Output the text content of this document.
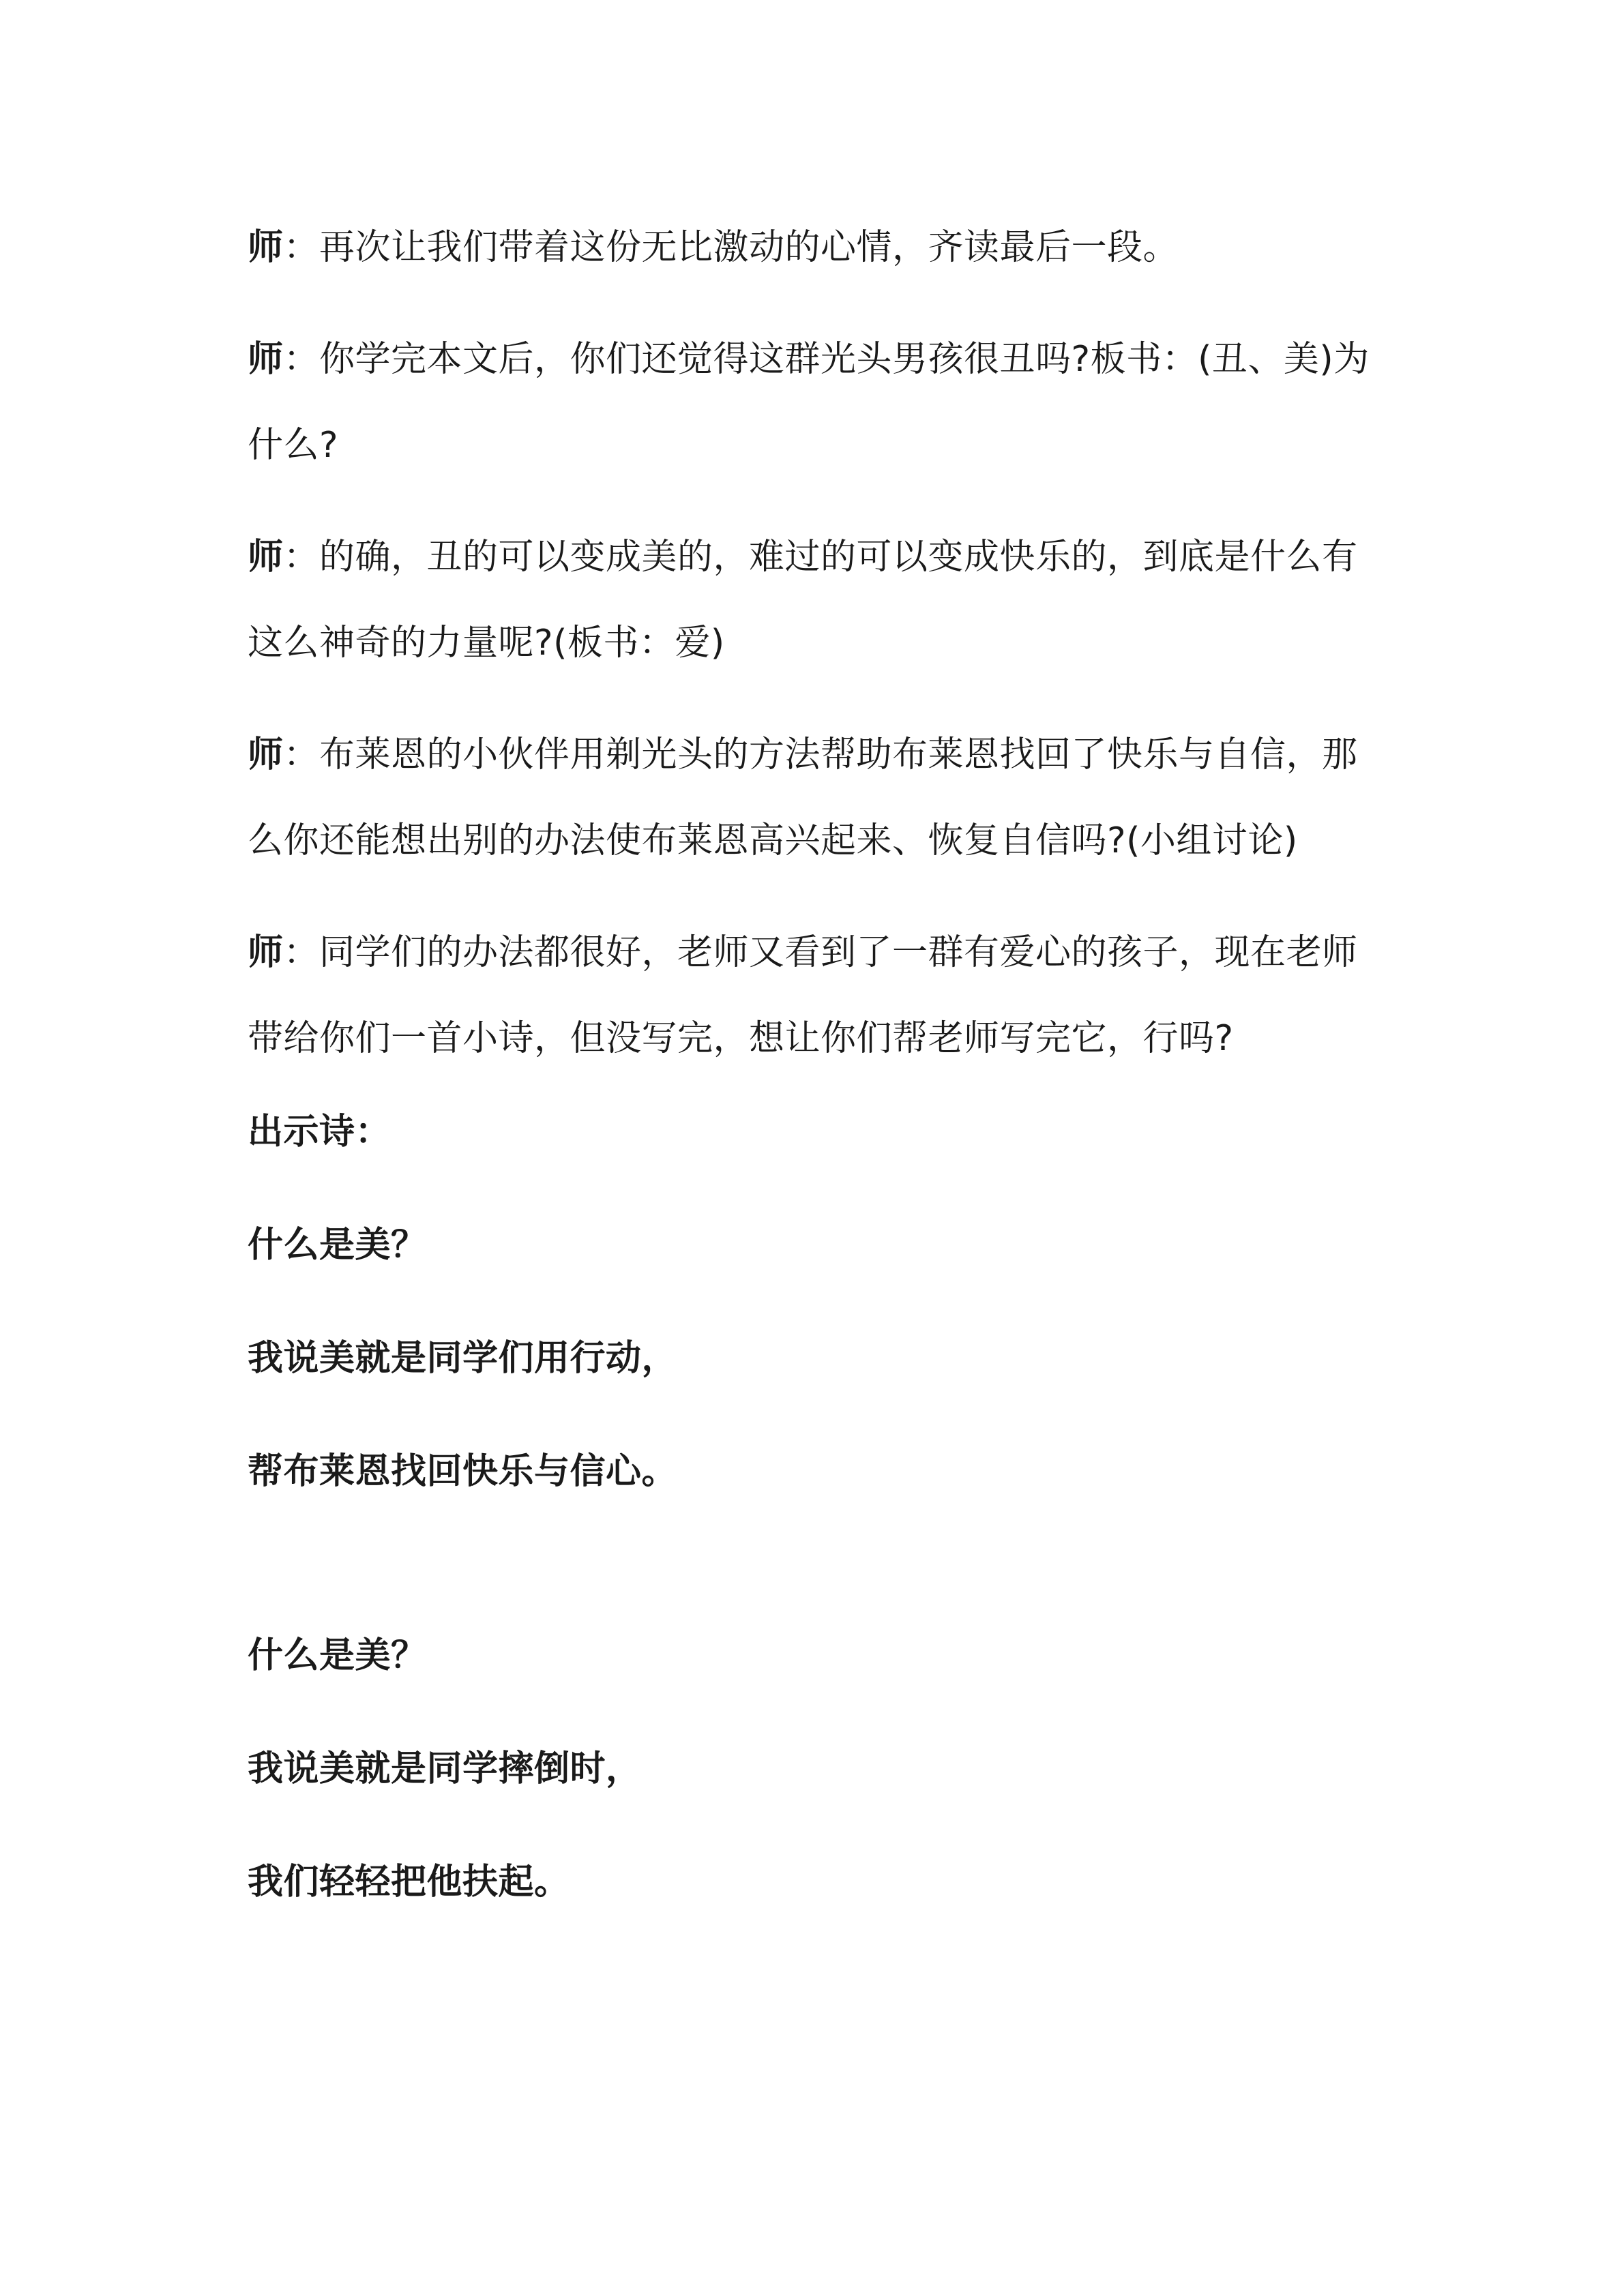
师：再次让我们带着这份无比激动的心情，齐读最后一段。

师：你学完本文后，你们还觉得这群光头男孩很丑吗?板书：(丑、美)为什么?

师：的确，丑的可以变成美的，难过的可以变成快乐的，到底是什么有这么神奇的力量呢?(板书：爱)

师：布莱恩的小伙伴用剃光头的方法帮助布莱恩找回了快乐与自信，那么你还能想出别的办法使布莱恩高兴起来、恢复自信吗?(小组讨论)

师：同学们的办法都很好，老师又看到了一群有爱心的孩子，现在老师带给你们一首小诗，但没写完，想让你们帮老师写完它，行吗?

出示诗：

什么是美？

我说美就是同学们用行动，

帮布莱恩找回快乐与信心。

什么是美？

我说美就是同学摔倒时，

我们轻轻把他扶起。
